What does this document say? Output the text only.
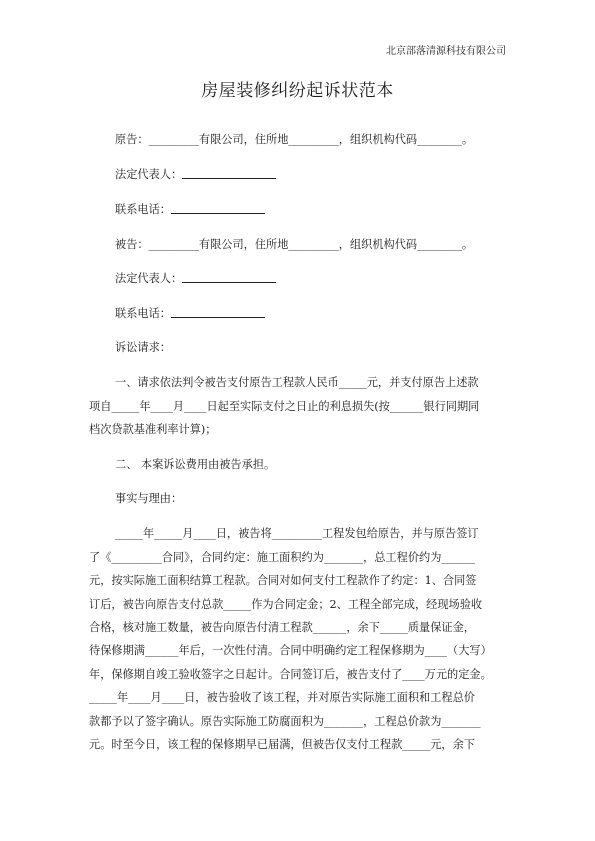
北京部落清源科技有限公司
房屋装修纠纷起诉状范本
原告：_________有限公司，住所地_________，组织机构代码________。
法定代表人：
联系电话：
被告：_________有限公司，住所地_________，组织机构代码________。
法定代表人：
联系电话：
诉讼请求：
一、请求依法判令被告支付原告工程款人民币_____元，并支付原告上述款
项自_____年____月____日起至实际支付之日止的利息损失(按______银行同期同
档次贷款基准利率计算)；
二、 本案诉讼费用由被告承担。
事实与理由：
_____年_____月____日，被告将_________工程发包给原告，并与原告签订
了《_________合同》，合同约定：施工面积约为_______，总工程价约为______
元，按实际施工面积结算工程款。合同对如何支付工程款作了约定：1、合同签
订后，被告向原告支付总款_____作为合同定金；2、工程全部完成，经现场验收
合格，核对施工数量，被告向原告付清工程款______，余下_____质量保证金，
待保修期满______年后，一次性付清。合同中明确约定工程保修期为____（大写）
年，保修期自竣工验收签字之日起计。合同签订后，被告支付了____万元的定金。
_____年____月____日，被告验收了该工程，并对原告实际施工面积和工程总价
款都予以了签字确认。原告实际施工防腐面积为_______，工程总价款为_______
元。时至今日，该工程的保修期早已届满，但被告仅支付工程款_____元，余下
